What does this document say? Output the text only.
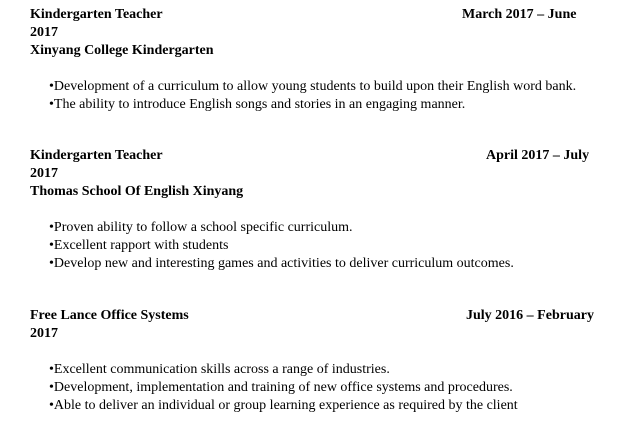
Kindergarten Teacher	March 2017 – June
2017
Xinyang College Kindergarten
•Development of a curriculum to allow young students to build upon their English word bank.
•The ability to introduce English songs and stories in an engaging manner.
Kindergarten Teacher	April 2017 – July
2017
Thomas School Of English Xinyang
•Proven ability to follow a school specific curriculum.
•Excellent rapport with students
•Develop new and interesting games and activities to deliver curriculum outcomes.
Free Lance Office Systems	July 2016 – February
2017
•Excellent communication skills across a range of industries.
•Development, implementation and training of new office systems and procedures.
•Able to deliver an individual or group learning experience as required by the client
